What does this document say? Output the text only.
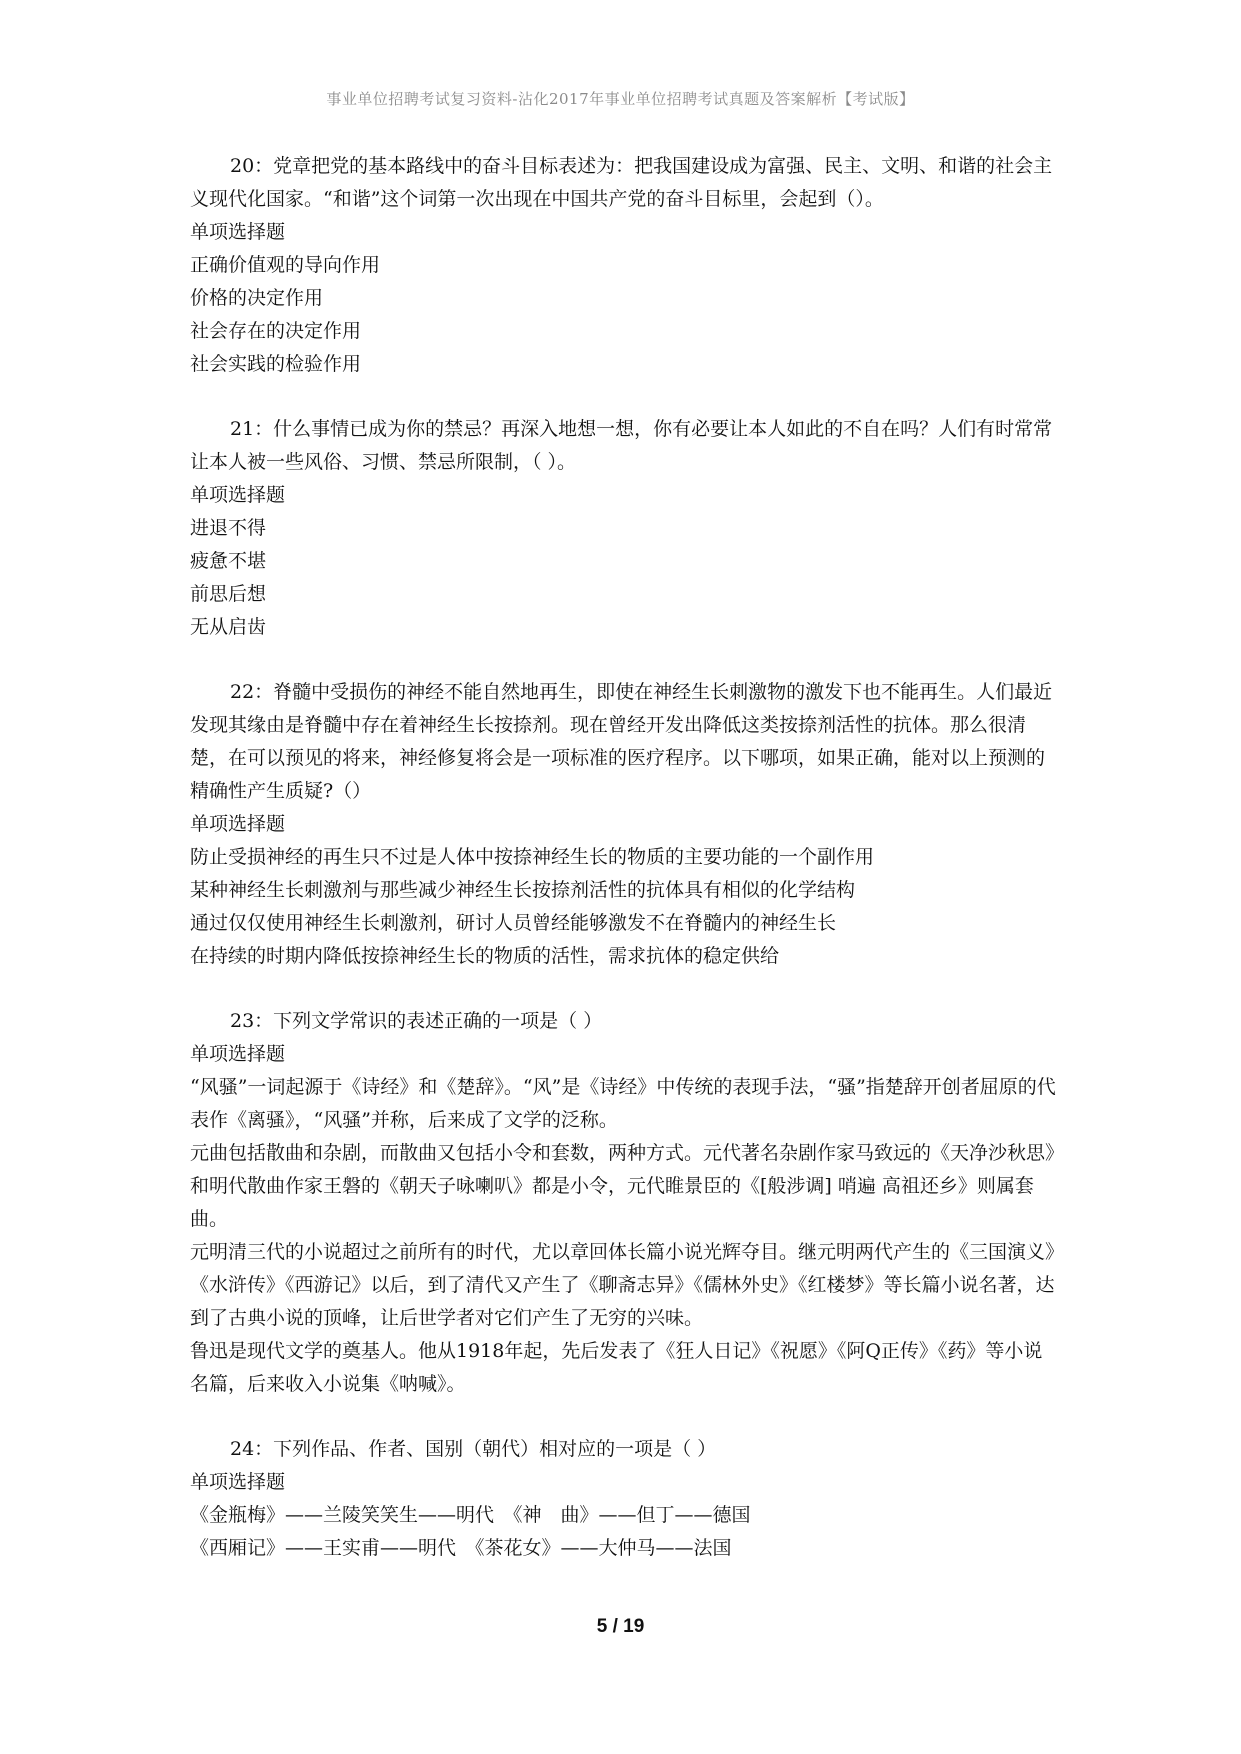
事业单位招聘考试复习资料-沾化2017年事业单位招聘考试真题及答案解析【考试版】

20：党章把党的基本路线中的奋斗目标表述为：把我国建设成为富强、民主、文明、和谐的社会主义现代化国家。“和谐”这个词第一次出现在中国共产党的奋斗目标里，会起到（）。

单项选择题

正确价值观的导向作用

价格的决定作用

社会存在的决定作用

社会实践的检验作用

21：什么事情已成为你的禁忌？再深入地想一想，你有必要让本人如此的不自在吗？人们有时常常让本人被一些风俗、习惯、禁忌所限制，（ ）。

单项选择题

进退不得

疲惫不堪

前思后想

无从启齿

22：脊髓中受损伤的神经不能自然地再生，即使在神经生长刺激物的激发下也不能再生。人们最近发现其缘由是脊髓中存在着神经生长按捺剂。现在曾经开发出降低这类按捺剂活性的抗体。那么很清楚，在可以预见的将来，神经修复将会是一项标准的医疗程序。以下哪项，如果正确，能对以上预测的精确性产生质疑?（）

单项选择题

防止受损神经的再生只不过是人体中按捺神经生长的物质的主要功能的一个副作用

某种神经生长刺激剂与那些减少神经生长按捺剂活性的抗体具有相似的化学结构

通过仅仅使用神经生长刺激剂，研讨人员曾经能够激发不在脊髓内的神经生长

在持续的时期内降低按捺神经生长的物质的活性，需求抗体的稳定供给

23：下列文学常识的表述正确的一项是（ ）

单项选择题

“风骚”一词起源于《诗经》和《楚辞》。“风”是《诗经》中传统的表现手法，“骚”指楚辞开创者屈原的代表作《离骚》，“风骚”并称，后来成了文学的泛称。

元曲包括散曲和杂剧，而散曲又包括小令和套数，两种方式。元代著名杂剧作家马致远的《天净沙秋思》和明代散曲作家王磐的《朝天子咏喇叭》都是小令，元代睢景臣的《[般涉调] 哨遍 高祖还乡》则属套曲。

元明清三代的小说超过之前所有的时代，尤以章回体长篇小说光辉夺目。继元明两代产生的《三国演义》《水浒传》《西游记》以后，到了清代又产生了《聊斋志异》《儒林外史》《红楼梦》等长篇小说名著，达到了古典小说的顶峰，让后世学者对它们产生了无穷的兴味。

鲁迅是现代文学的奠基人。他从1918年起，先后发表了《狂人日记》《祝愿》《阿Q正传》《药》等小说名篇，后来收入小说集《呐喊》。

24：下列作品、作者、国别（朝代）相对应的一项是（ ）

单项选择题

《金瓶梅》——兰陵笑笑生——明代　《神　曲》——但丁——德国

《西厢记》——王实甫——明代　《茶花女》——大仲马——法国

5 / 19
